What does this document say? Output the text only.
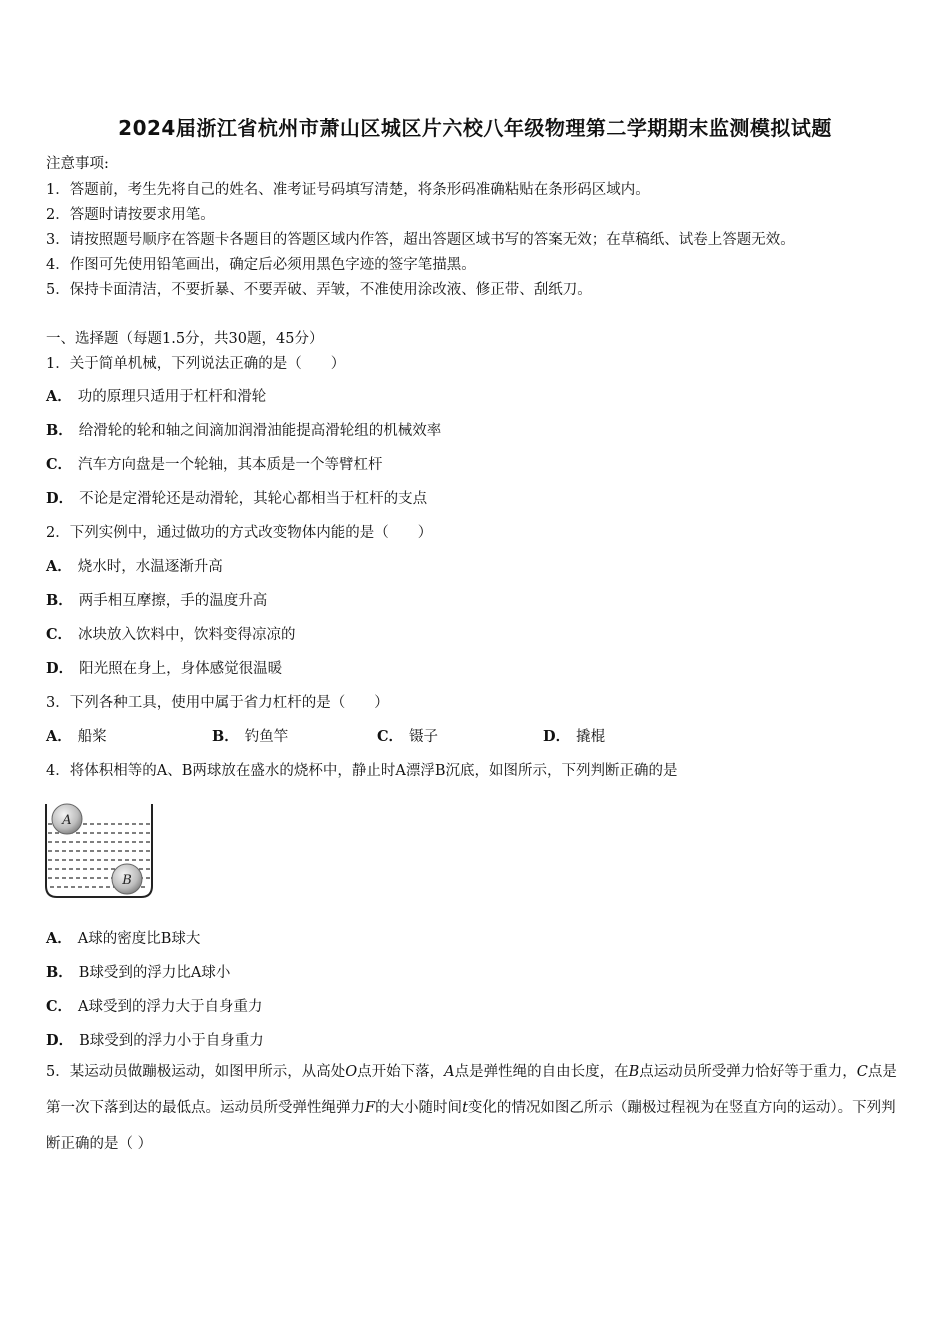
2024届浙江省杭州市萧山区城区片六校八年级物理第二学期期末监测模拟试题
注意事项:
1．答题前，考生先将自己的姓名、准考证号码填写清楚，将条形码准确粘贴在条形码区域内。
2．答题时请按要求用笔。
3．请按照题号顺序在答题卡各题目的答题区域内作答，超出答题区域书写的答案无效；在草稿纸、试卷上答题无效。
4．作图可先使用铅笔画出，确定后必须用黑色字迹的签字笔描黑。
5．保持卡面清洁，不要折暴、不要弄破、弄皱，不准使用涂改液、修正带、刮纸刀。
一、选择题（每题1.5分，共30题，45分）
1．关于简单机械，下列说法正确的是（　　）
A． 功的原理只适用于杠杆和滑轮
B． 给滑轮的轮和轴之间滴加润滑油能提高滑轮组的机械效率
C． 汽车方向盘是一个轮轴，其本质是一个等臂杠杆
D． 不论是定滑轮还是动滑轮，其轮心都相当于杠杆的支点
2．下列实例中，通过做功的方式改变物体内能的是（　　）
A． 烧水时，水温逐渐升高
B． 两手相互摩擦，手的温度升高
C． 冰块放入饮料中，饮料变得凉凉的
D． 阳光照在身上，身体感觉很温暖
3．下列各种工具，使用中属于省力杠杆的是（　　）
A． 船桨	B． 钓鱼竿	C． 镊子	D． 撬棍
4．将体积相等的A、B两球放在盛水的烧杯中，静止时A漂浮B沉底，如图所示，下列判断正确的是
A
B
A． A球的密度比B球大
B． B球受到的浮力比A球小
C． A球受到的浮力大于自身重力
D． B球受到的浮力小于自身重力
5．某运动员做蹦极运动，如图甲所示，从高处O点开始下落，A点是弹性绳的自由长度，在B点运动员所受弹力恰好等于重力，C点是第一次下落到达的最低点。运动员所受弹性绳弹力F的大小随时间t变化的情况如图乙所示（蹦极过程视为在竖直方向的运动）。下列判断正确的是（ ）
